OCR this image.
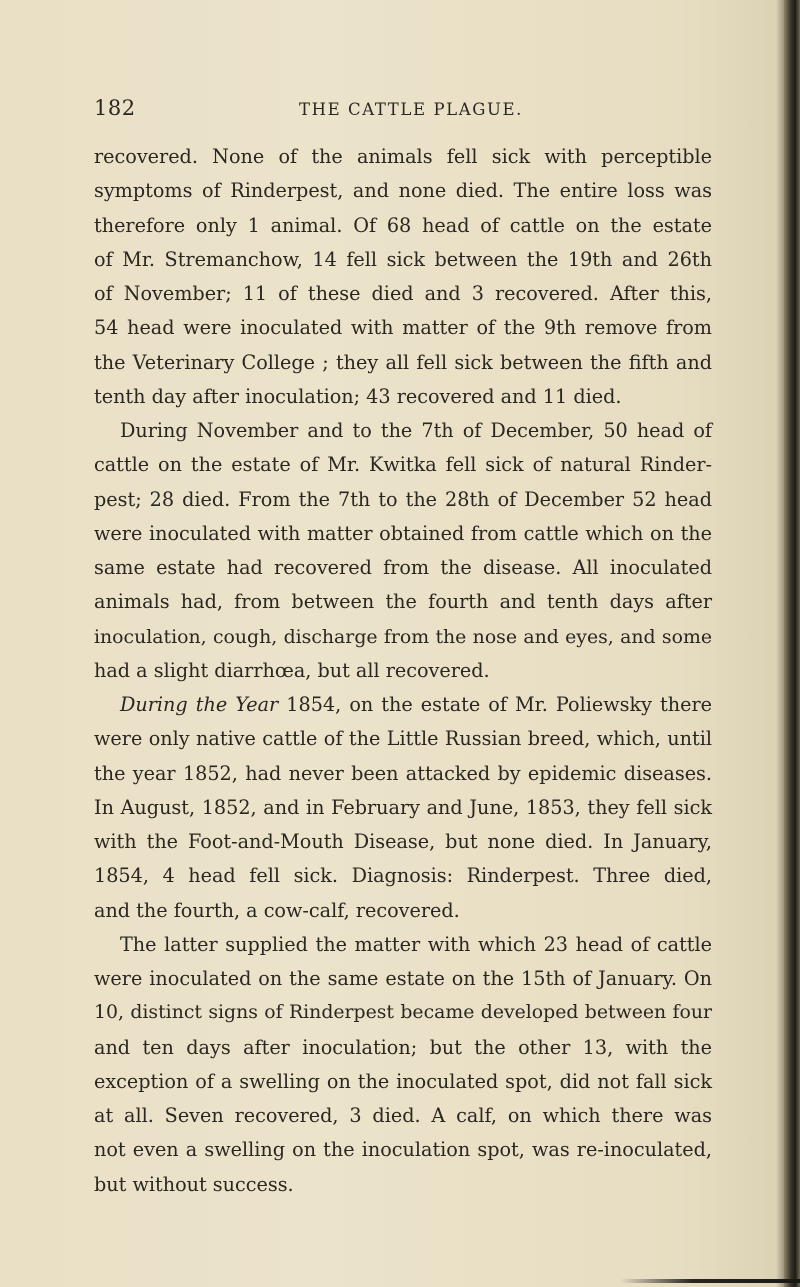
182	THE CATTLE PLAGUE.
recovered. None of the animals fell sick with perceptible
symptoms of Rinderpest, and none died. The entire loss was
therefore only 1 animal. Of 68 head of cattle on the estate
of Mr. Stremanchow, 14 fell sick between the 19th and 26th
of November; 11 of these died and 3 recovered. After this,
54 head were inoculated with matter of the 9th remove from
the Veterinary College ; they all fell sick between the fifth and
tenth day after inoculation; 43 recovered and 11 died.
During November and to the 7th of December, 50 head of
cattle on the estate of Mr. Kwitka fell sick of natural Rinder-
pest; 28 died. From the 7th to the 28th of December 52 head
were inoculated with matter obtained from cattle which on the
same estate had recovered from the disease. All inoculated
animals had, from between the fourth and tenth days after
inoculation, cough, discharge from the nose and eyes, and some
had a slight diarrhœa, but all recovered.
During the Year 1854, on the estate of Mr. Poliewsky there
were only native cattle of the Little Russian breed, which, until
the year 1852, had never been attacked by epidemic diseases.
In August, 1852, and in February and June, 1853, they fell sick
with the Foot-and-Mouth Disease, but none died. In January,
1854, 4 head fell sick. Diagnosis: Rinderpest. Three died,
and the fourth, a cow-calf, recovered.
The latter supplied the matter with which 23 head of cattle
were inoculated on the same estate on the 15th of January. On
10, distinct signs of Rinderpest became developed between four
and ten days after inoculation; but the other 13, with the
exception of a swelling on the inoculated spot, did not fall sick
at all. Seven recovered, 3 died. A calf, on which there was
not even a swelling on the inoculation spot, was re-inoculated,
but without success.
